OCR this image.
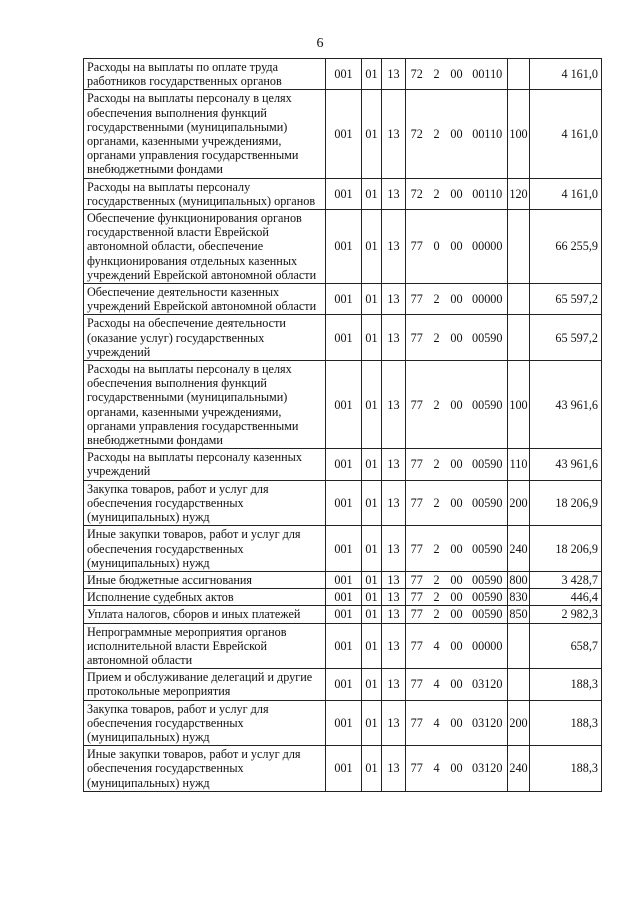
6
Расходы на выплаты по оплате труда работников государственных органов	001	01	13	72	2	00	00110		4 161,0
Расходы на выплаты персоналу в целях обеспечения выполнения функций государственными (муниципальными) органами, казенными учреждениями, органами управления государственными внебюджетными фондами	001	01	13	72	2	00	00110	100	4 161,0
Расходы на выплаты персоналу государственных (муниципальных) органов	001	01	13	72	2	00	00110	120	4 161,0
Обеспечение функционирования органов государственной власти Еврейской автономной области, обеспечение функционирования отдельных казенных учреждений Еврейской автономной области	001	01	13	77	0	00	00000		66 255,9
Обеспечение деятельности казенных учреждений Еврейской автономной области	001	01	13	77	2	00	00000		65 597,2
Расходы на обеспечение деятельности (оказание услуг) государственных учреждений	001	01	13	77	2	00	00590		65 597,2
Расходы на выплаты персоналу в целях обеспечения выполнения функций государственными (муниципальными) органами, казенными учреждениями, органами управления государственными внебюджетными фондами	001	01	13	77	2	00	00590	100	43 961,6
Расходы на выплаты персоналу казенных учреждений	001	01	13	77	2	00	00590	110	43 961,6
Закупка товаров, работ и услуг для обеспечения государственных (муниципальных) нужд	001	01	13	77	2	00	00590	200	18 206,9
Иные закупки товаров, работ и услуг для обеспечения государственных (муниципальных) нужд	001	01	13	77	2	00	00590	240	18 206,9
Иные бюджетные ассигнования	001	01	13	77	2	00	00590	800	3 428,7
Исполнение судебных актов	001	01	13	77	2	00	00590	830	446,4
Уплата налогов, сборов и иных платежей	001	01	13	77	2	00	00590	850	2 982,3
Непрограммные мероприятия органов исполнительной власти Еврейской автономной области	001	01	13	77	4	00	00000		658,7
Прием и обслуживание делегаций и другие протокольные мероприятия	001	01	13	77	4	00	03120		188,3
Закупка товаров, работ и услуг для обеспечения государственных (муниципальных) нужд	001	01	13	77	4	00	03120	200	188,3
Иные закупки товаров, работ и услуг для обеспечения государственных (муниципальных) нужд	001	01	13	77	4	00	03120	240	188,3
